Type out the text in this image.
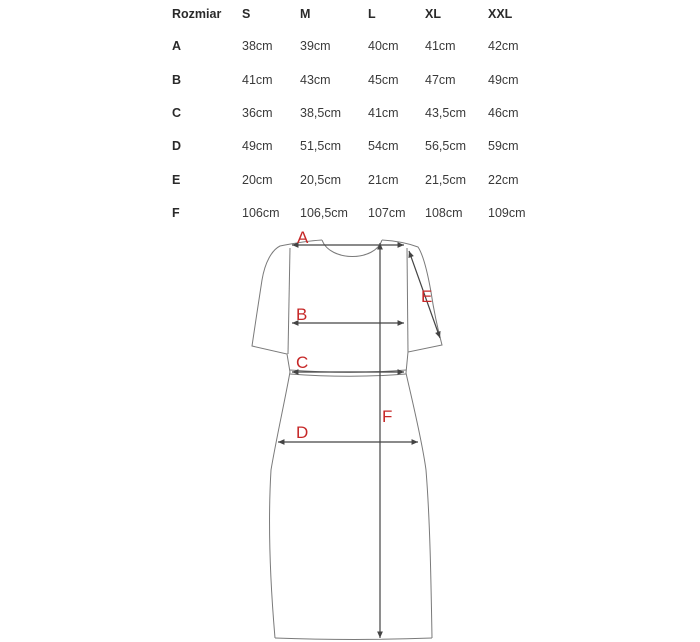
Rozmiar S	M	L	XL	XXL
A	38cm 39cm	40cm 41cm	42cm
B	41cm 43cm	45cm 47cm	49cm
C	36cm 38,5cm 41cm 43,5cm 46cm
D	49cm 51,5cm 54cm 56,5cm 59cm
E	20cm 20,5cm 21cm 21,5cm 22cm
F	106cm 106,5cm 107cm 108cm 109cm
A
B
C
D
E
F
